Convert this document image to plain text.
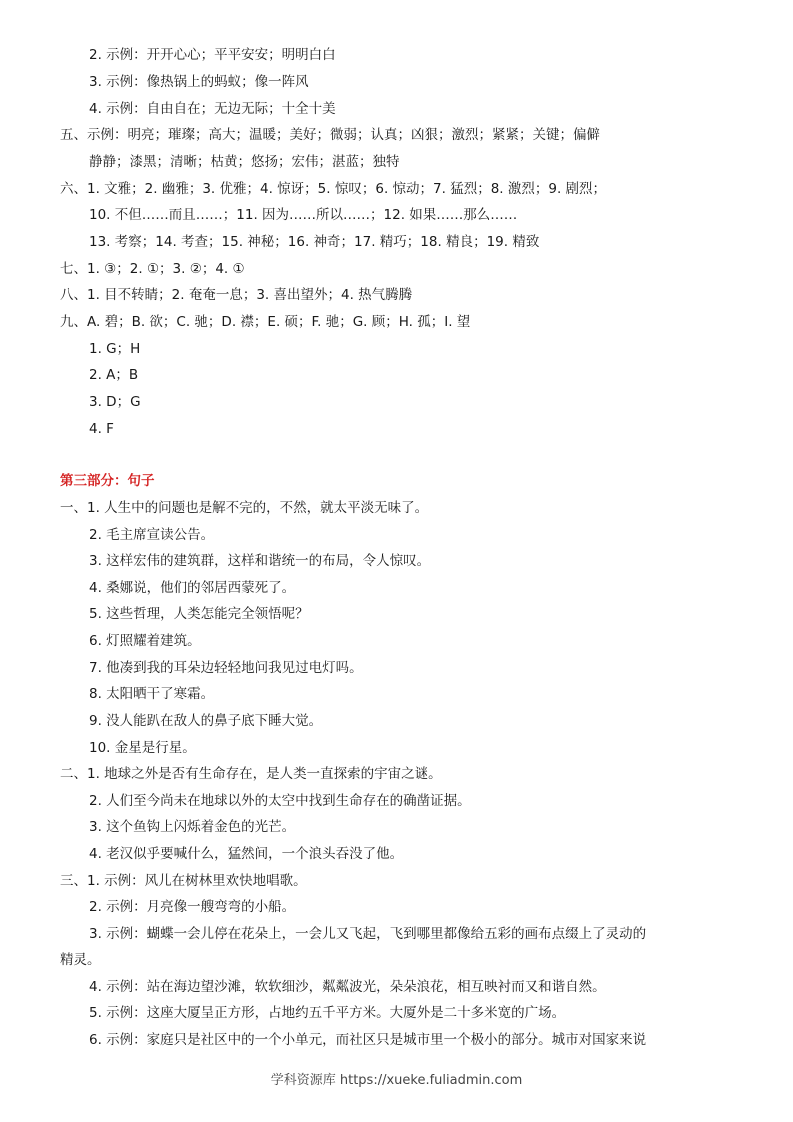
2. 示例：开开心心；平平安安；明明白白
3. 示例：像热锅上的蚂蚁；像一阵风
4. 示例：自由自在；无边无际；十全十美
五、示例：明亮；璀璨；高大；温暖；美好；微弱；认真；凶狠；激烈；紧紧；关键；偏僻
静静；漆黑；清晰；枯黄；悠扬；宏伟；湛蓝；独特
六、1. 文雅；2. 幽雅；3. 优雅；4. 惊讶；5. 惊叹；6. 惊动；7. 猛烈；8. 激烈；9. 剧烈；
10. 不但……而且……；11. 因为……所以……；12. 如果……那么……
13. 考察；14. 考查；15. 神秘；16. 神奇；17. 精巧；18. 精良；19. 精致
七、1. ③；2. ①；3. ②；4. ①
八、1. 目不转睛；2. 奄奄一息；3. 喜出望外；4. 热气腾腾
九、A. 碧；B. 欲；C. 驰；D. 襟；E. 硕；F. 驰；G. 顾；H. 孤；I. 望
1. G；H
2. A；B
3. D；G
4. F
第三部分：句子
一、1. 人生中的问题也是解不完的，不然，就太平淡无味了。
2. 毛主席宣读公告。
3. 这样宏伟的建筑群，这样和谐统一的布局，令人惊叹。
4. 桑娜说，他们的邻居西蒙死了。
5. 这些哲理，人类怎能完全领悟呢？
6. 灯照耀着建筑。
7. 他凑到我的耳朵边轻轻地问我见过电灯吗。
8. 太阳晒干了寒霜。
9. 没人能趴在敌人的鼻子底下睡大觉。
10. 金星是行星。
二、1. 地球之外是否有生命存在，是人类一直探索的宇宙之谜。
2. 人们至今尚未在地球以外的太空中找到生命存在的确凿证据。
3. 这个鱼钩上闪烁着金色的光芒。
4. 老汉似乎要喊什么，猛然间，一个浪头吞没了他。
三、1. 示例：风儿在树林里欢快地唱歌。
2. 示例：月亮像一艘弯弯的小船。
3. 示例：蝴蝶一会儿停在花朵上，一会儿又飞起，飞到哪里都像给五彩的画布点缀上了灵动的
精灵。
4. 示例：站在海边望沙滩，软软细沙，粼粼波光，朵朵浪花，相互映衬而又和谐自然。
5. 示例：这座大厦呈正方形，占地约五千平方米。大厦外是二十多米宽的广场。
6. 示例：家庭只是社区中的一个小单元，而社区只是城市里一个极小的部分。城市对国家来说
学科资源库 https://xueke.fuliadmin.com
